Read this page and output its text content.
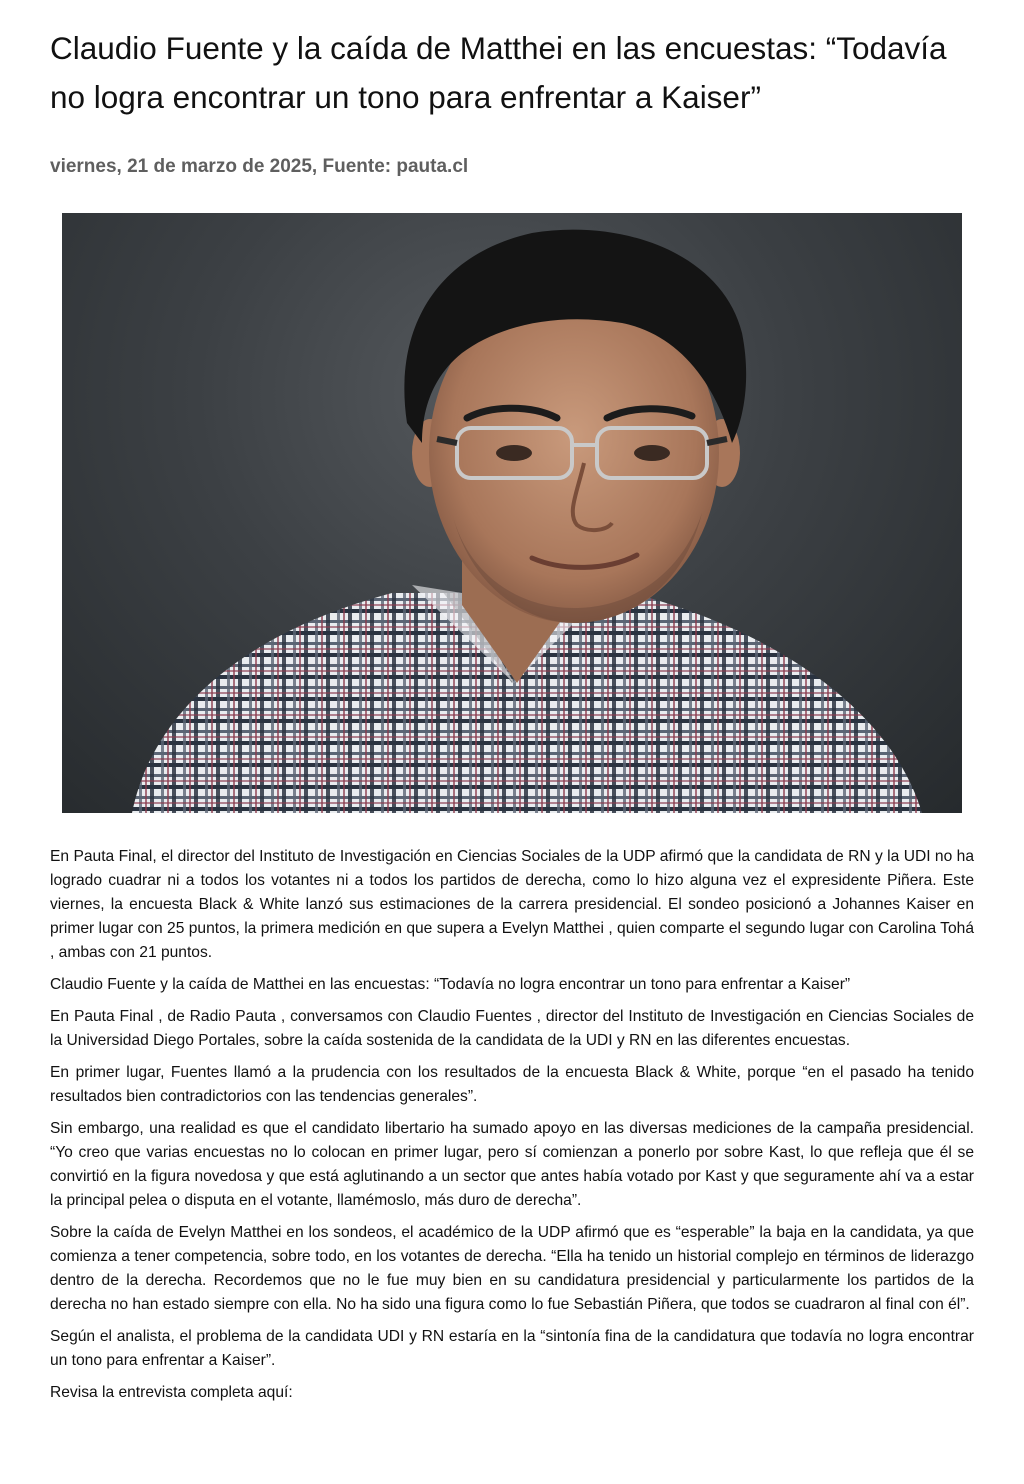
Claudio Fuente y la caída de Matthei en las encuestas: “Todavía no logra encontrar un tono para enfrentar a Kaiser”
viernes, 21 de marzo de 2025, Fuente: pauta.cl

En Pauta Final, el director del Instituto de Investigación en Ciencias Sociales de la UDP afirmó que la candidata de RN y la UDI no ha logrado cuadrar ni a todos los votantes ni a todos los partidos de derecha, como lo hizo alguna vez el expresidente Piñera. Este viernes, la encuesta Black & White lanzó sus estimaciones de la carrera presidencial. El sondeo posicionó a Johannes Kaiser en primer lugar con 25 puntos, la primera medición en que supera a Evelyn Matthei , quien comparte el segundo lugar con Carolina Tohá , ambas con 21 puntos.

Claudio Fuente y la caída de Matthei en las encuestas: “Todavía no logra encontrar un tono para enfrentar a Kaiser”

En Pauta Final , de Radio Pauta , conversamos con Claudio Fuentes , director del Instituto de Investigación en Ciencias Sociales de la Universidad Diego Portales, sobre la caída sostenida de la candidata de la UDI y RN en las diferentes encuestas.

En primer lugar, Fuentes llamó a la prudencia con los resultados de la encuesta Black & White, porque “en el pasado ha tenido resultados bien contradictorios con las tendencias generales”.

Sin embargo, una realidad es que el candidato libertario ha sumado apoyo en las diversas mediciones de la campaña presidencial. “Yo creo que varias encuestas no lo colocan en primer lugar, pero sí comienzan a ponerlo por sobre Kast, lo que refleja que él se convirtió en la figura novedosa y que está aglutinando a un sector que antes había votado por Kast y que seguramente ahí va a estar la principal pelea o disputa en el votante, llamémoslo, más duro de derecha”.

Sobre la caída de Evelyn Matthei en los sondeos, el académico de la UDP afirmó que es “esperable” la baja en la candidata, ya que comienza a tener competencia, sobre todo, en los votantes de derecha. “Ella ha tenido un historial complejo en términos de liderazgo dentro de la derecha. Recordemos que no le fue muy bien en su candidatura presidencial y particularmente los partidos de la derecha no han estado siempre con ella. No ha sido una figura como lo fue Sebastián Piñera, que todos se cuadraron al final con él”.

Según el analista, el problema de la candidata UDI y RN estaría en la “sintonía fina de la candidatura que todavía no logra encontrar un tono para enfrentar a Kaiser”.

Revisa la entrevista completa aquí:
